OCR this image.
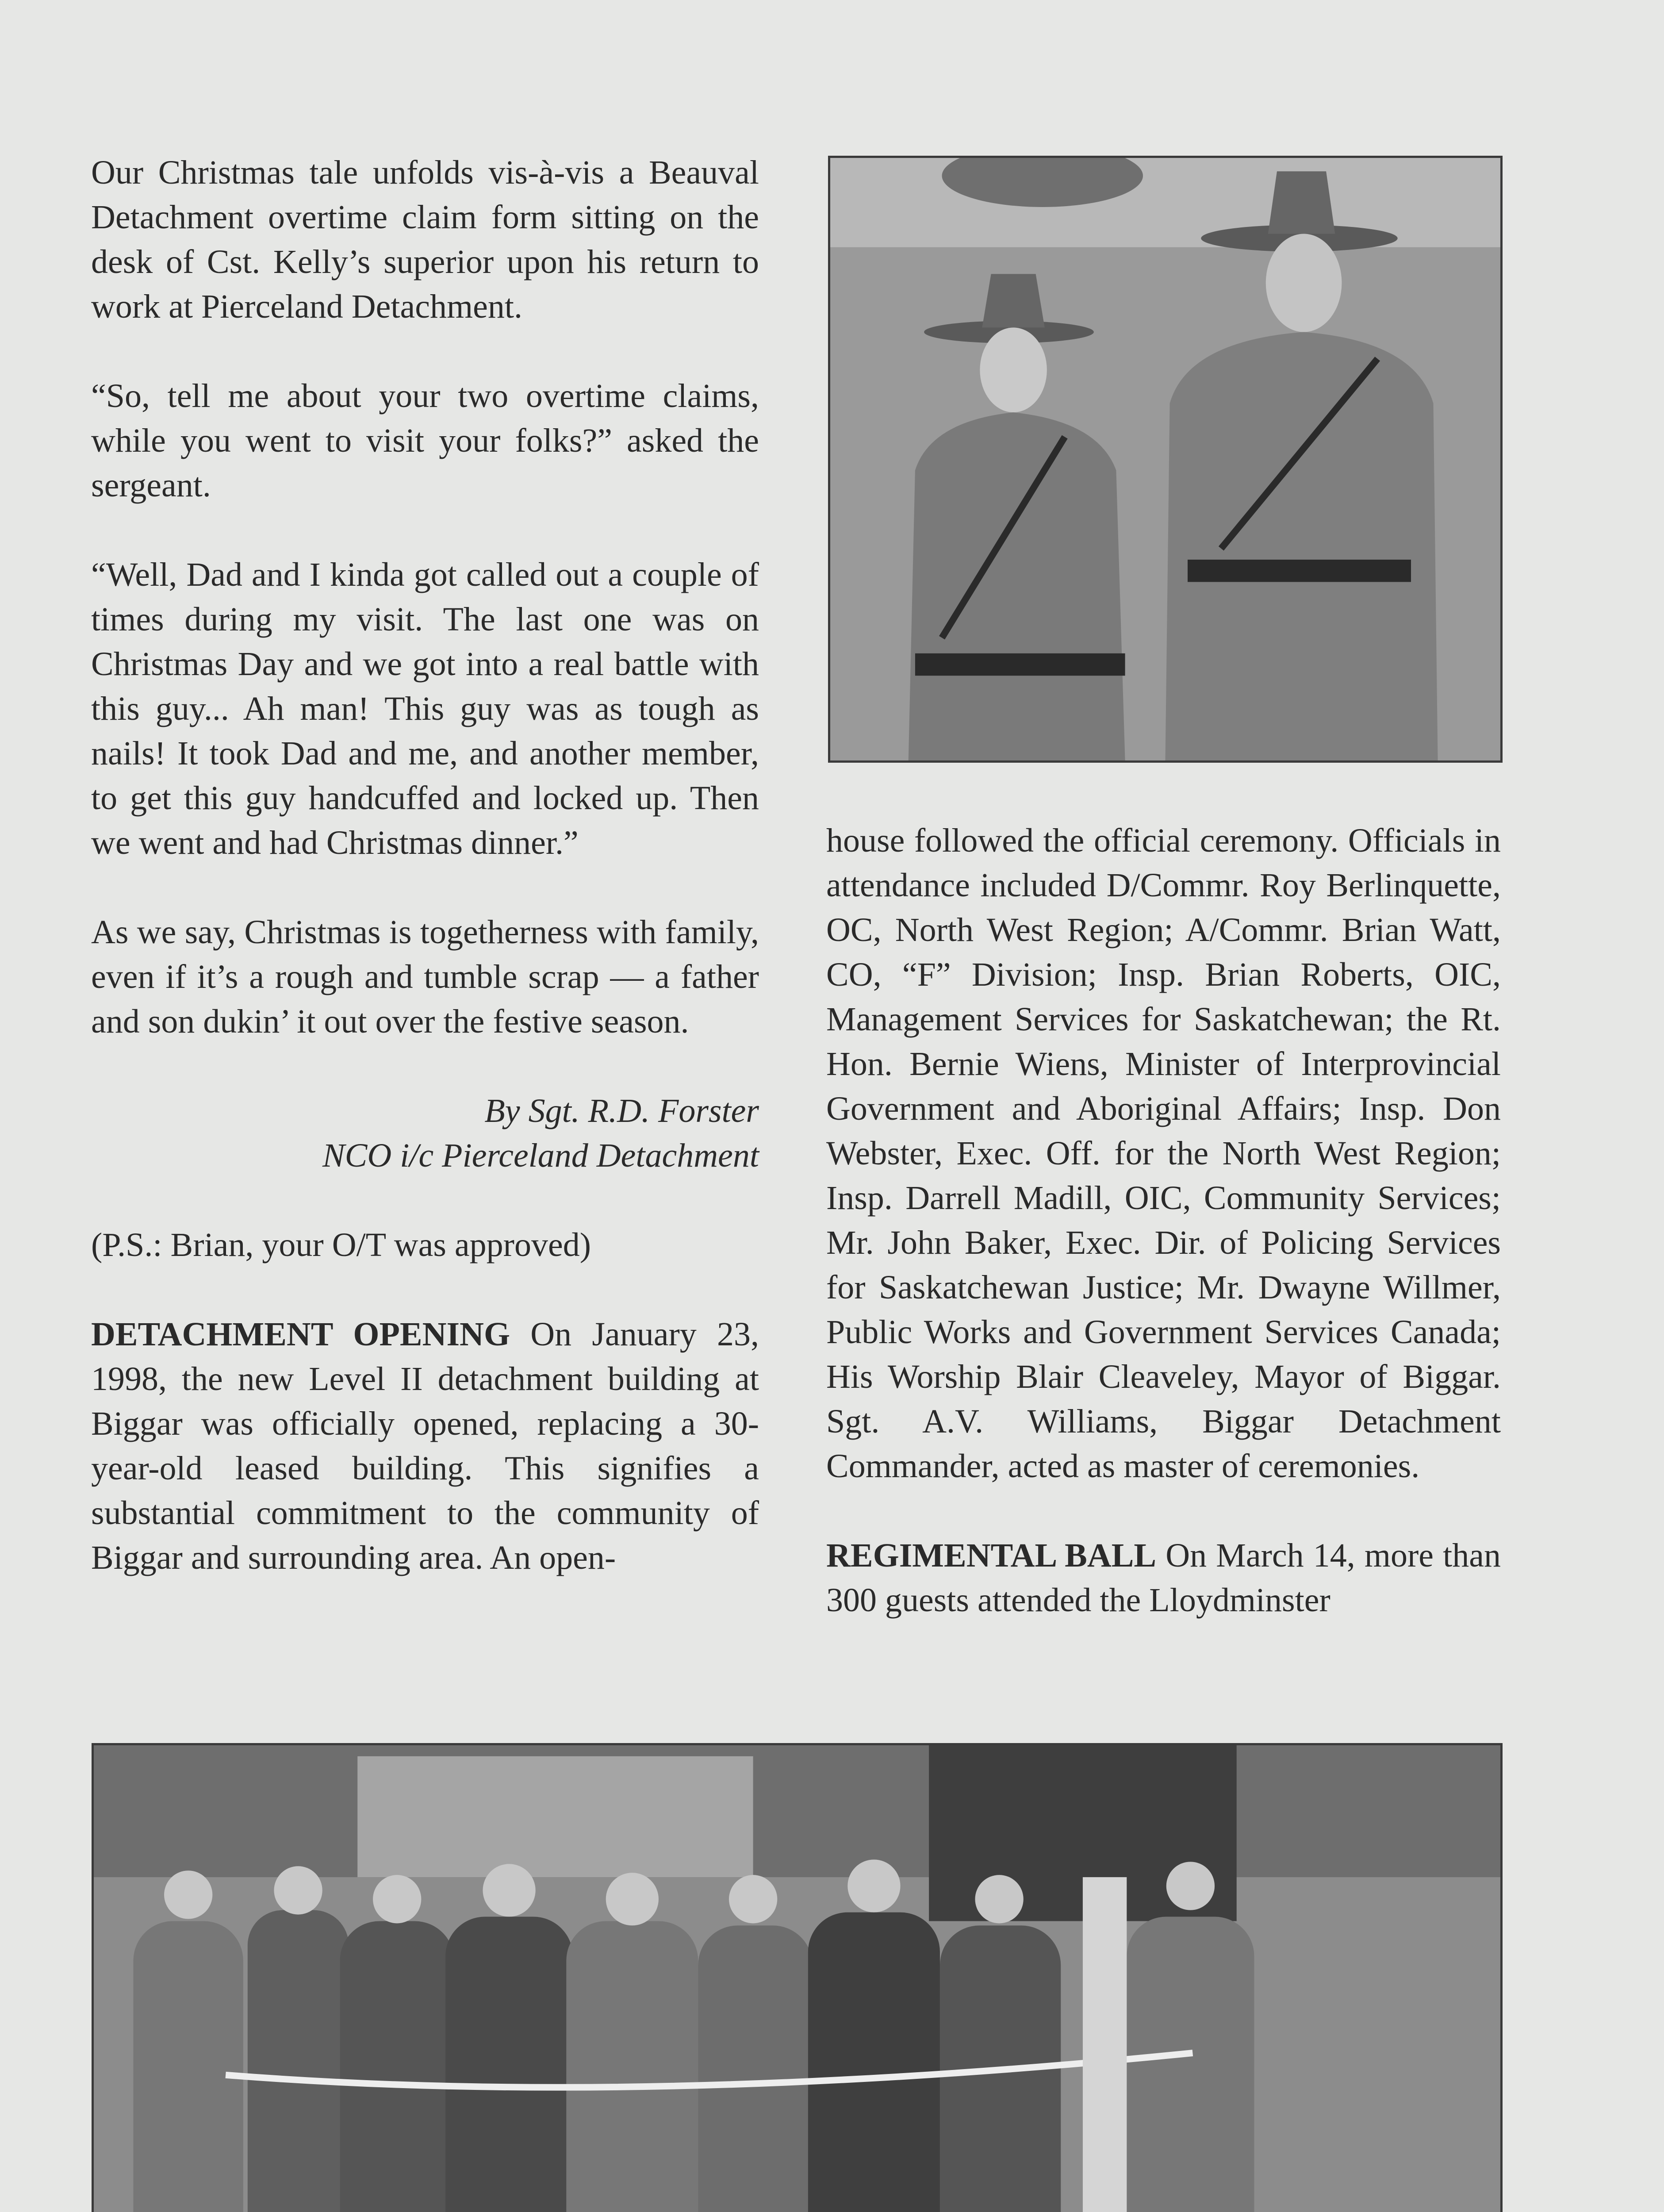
Our Christmas tale unfolds vis-à-vis a Beauval Detachment overtime claim form sitting on the desk of Cst. Kelly’s superior upon his return to work at Pierceland Detachment.

“So, tell me about your two overtime claims, while you went to visit your folks?” asked the sergeant.

“Well, Dad and I kinda got called out a couple of times during my visit. The last one was on Christmas Day and we got into a real battle with this guy... Ah man! This guy was as tough as nails! It took Dad and me, and another member, to get this guy handcuffed and locked up. Then we went and had Christmas dinner.”

As we say, Christmas is togetherness with family, even if it’s a rough and tumble scrap — a father and son dukin’ it out over the festive season.

By Sgt. R.D. Forster
NCO i/c Pierceland Detachment

(P.S.: Brian, your O/T was approved)

DETACHMENT OPENING On January 23, 1998, the new Level II detachment building at Biggar was officially opened, replacing a 30-year-old leased building. This signifies a substantial commitment to the community of Biggar and surrounding area. An open-

house followed the official ceremony. Officials in attendance included D/Commr. Roy Berlinquette, OC, North West Region; A/Commr. Brian Watt, CO, “F” Division; Insp. Brian Roberts, OIC, Management Services for Saskatchewan; the Rt. Hon. Bernie Wiens, Minister of Interprovincial Government and Aboriginal Affairs; Insp. Don Webster, Exec. Off. for the North West Region; Insp. Darrell Madill, OIC, Community Services; Mr. John Baker, Exec. Dir. of Policing Services for Saskatchewan Justice; Mr. Dwayne Willmer, Public Works and Government Services Canada; His Worship Blair Cleaveley, Mayor of Biggar. Sgt. A.V. Williams, Biggar Detachment Commander, acted as master of ceremonies.

REGIMENTAL BALL On March 14, more than 300 guests attended the Lloydminster
